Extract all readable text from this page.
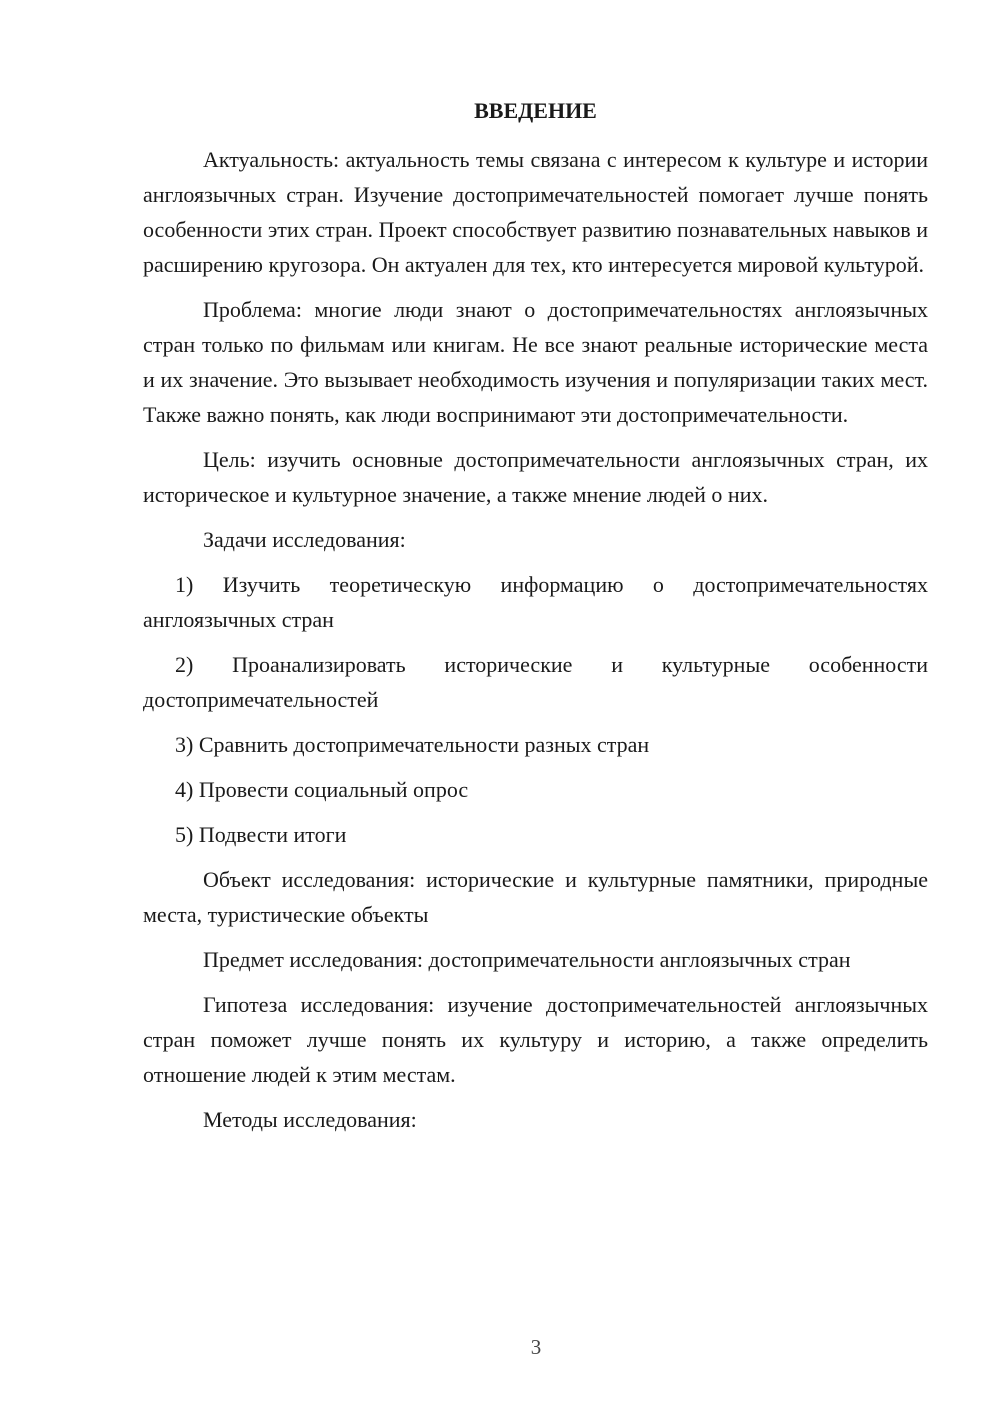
ВВЕДЕНИЕ

Актуальность: актуальность темы связана с интересом к культуре и истории англоязычных стран. Изучение достопримечательностей помогает лучше понять особенности этих стран. Проект способствует развитию познавательных навыков и расширению кругозора. Он актуален для тех, кто интересуется мировой культурой.

Проблема: многие люди знают о достопримечательностях англоязычных стран только по фильмам или книгам. Не все знают реальные исторические места и их значение. Это вызывает необходимость изучения и популяризации таких мест. Также важно понять, как люди воспринимают эти достопримечательности.

Цель: изучить основные достопримечательности англоязычных стран, их историческое и культурное значение, а также мнение людей о них.

Задачи исследования:

1) Изучить теоретическую информацию о достопримечательностях англоязычных стран

2) Проанализировать исторические и культурные особенности достопримечательностей

3) Сравнить достопримечательности разных стран

4) Провести социальный опрос

5) Подвести итоги

Объект исследования: исторические и культурные памятники, природные места, туристические объекты

Предмет исследования: достопримечательности англоязычных стран

Гипотеза исследования: изучение достопримечательностей англоязычных стран поможет лучше понять их культуру и историю, а также определить отношение людей к этим местам.

Методы исследования:

3
